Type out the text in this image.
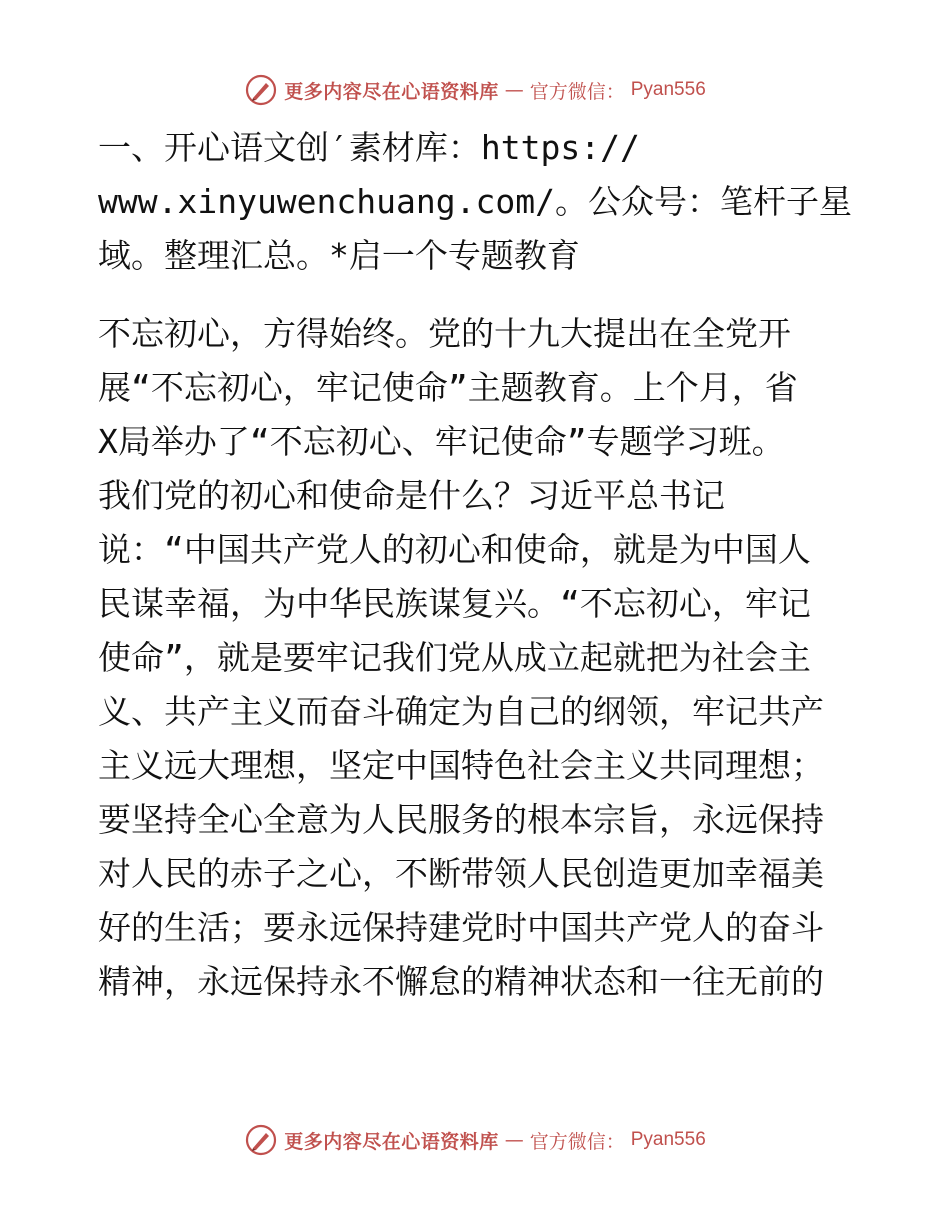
更多内容尽在心语资料库 — 官方微信： Pyan556
一、开心语文创′素材库：https://
www.xinyuwenchuang.com/。公众号：笔杆子星
域。整理汇总。*启一个专题教育
不忘初心，方得始终。党的十九大提出在全党开
展“不忘初心，牢记使命”主题教育。上个月，省
X局举办了“不忘初心、牢记使命”专题学习班。
我们党的初心和使命是什么？习近平总书记
说：“中国共产党人的初心和使命，就是为中国人
民谋幸福，为中华民族谋复兴。“不忘初心，牢记
使命”，就是要牢记我们党从成立起就把为社会主
义、共产主义而奋斗确定为自己的纲领，牢记共产
主义远大理想，坚定中国特色社会主义共同理想；
要坚持全心全意为人民服务的根本宗旨，永远保持
对人民的赤子之心，不断带领人民创造更加幸福美
好的生活；要永远保持建党时中国共产党人的奋斗
精神，永远保持永不懈怠的精神状态和一往无前的
更多内容尽在心语资料库 — 官方微信： Pyan556
